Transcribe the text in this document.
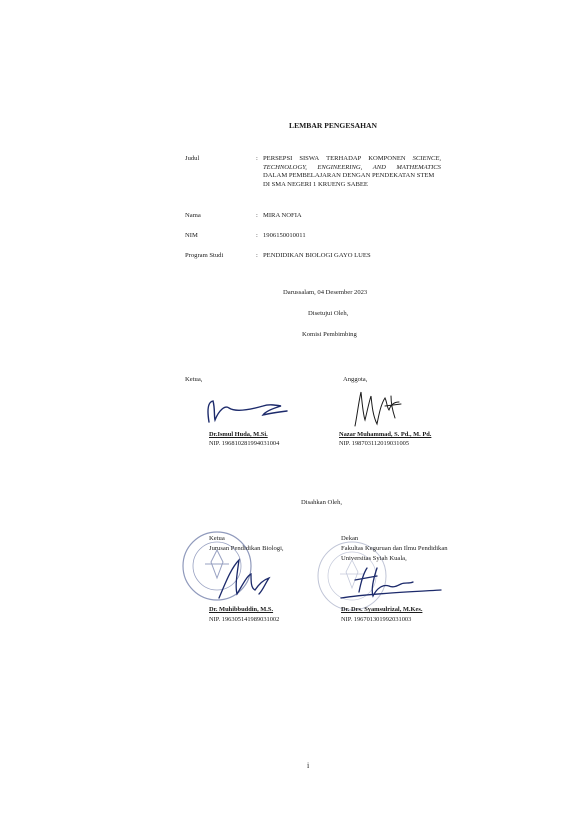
LEMBAR PENGESAHAN
Judul	: PERSEPSI SISWA TERHADAP KOMPONEN SCIENCE,
TECHNOLOGY, ENGINEERING, AND MATHEMATICS
DALAM PEMBELAJARAN DENGAN PENDEKATAN STEM
DI SMA NEGERI 1 KRUENG SABEE
Nama	: MIRA NOFIA
NIM	: 1906150010011
Program Studi	: PENDIDIKAN BIOLOGI GAYO LUES
Darussalam, 04 Desember 2023
Disetujui Oleh,
Komisi Pembimbing
Ketua,	Anggota,
Dr.Ismul Huda, M.Si.
NIP. 196810281994031004
Nazar Muhammad, S. Pd., M. Pd.
NIP. 198703112019031005
Disahkan Oleh,
Ketua
Jurusan Pendidikan Biologi,
Dr. Muhibbuddin, M.S.
NIP. 196305141989031002
Dekan
Fakultas Keguruan dan Ilmu Pendidikan
Universitas Syiah Kuala,
Dr. Drs. Syamsulrizal, M.Kes.
NIP. 196701301992031003
i
